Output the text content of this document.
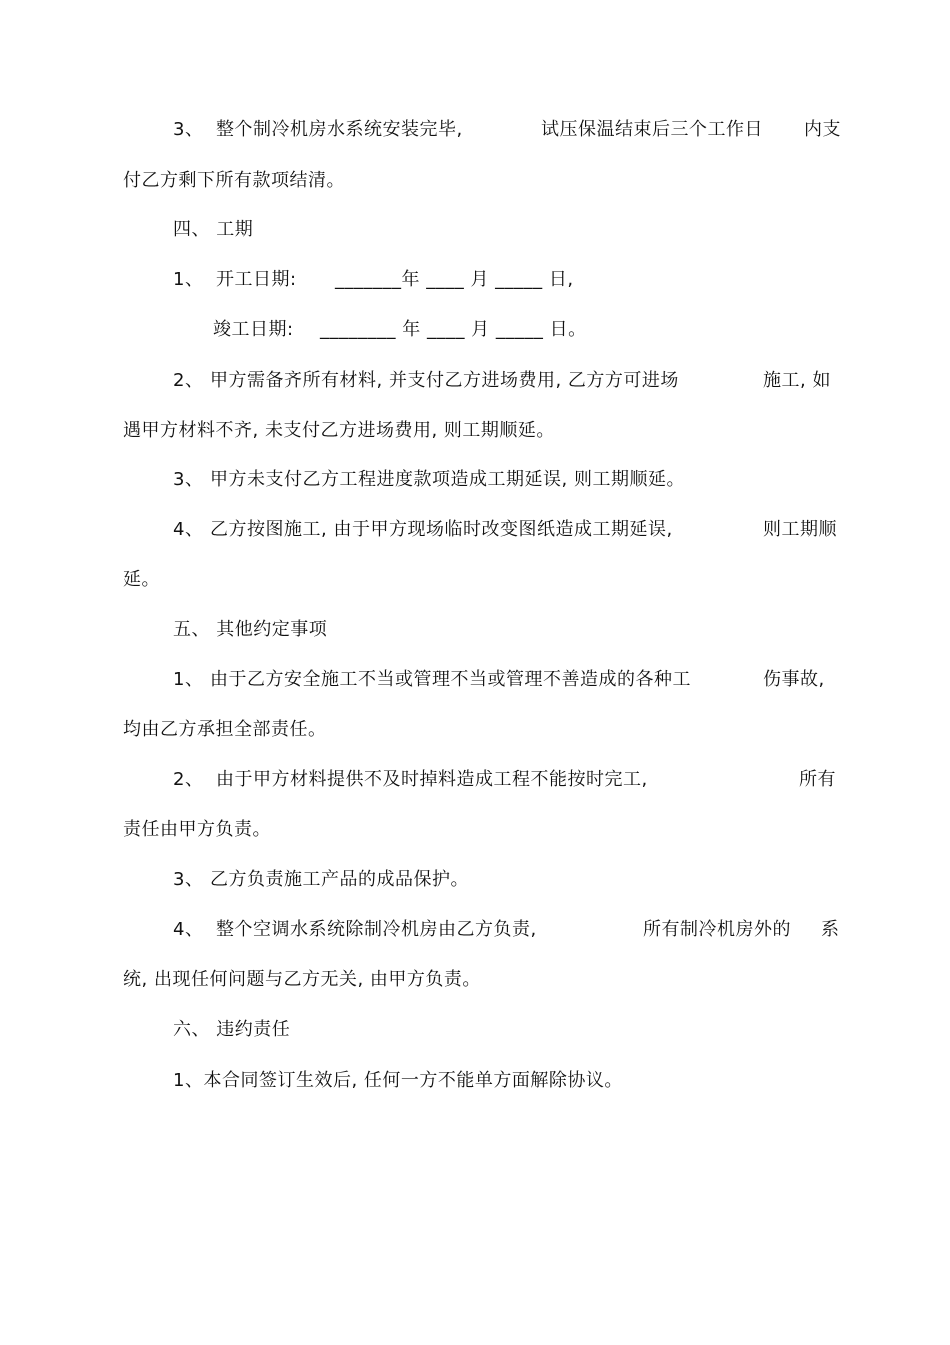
3、 整个制冷机房水系统安装完毕,	试压保温结束后三个工作日 内支
付乙方剩下所有款项结清。
四、 工期
1、 开工日期: _______年 ____ 月 _____ 日,
竣工日期: ________ 年 ____ 月 _____ 日。
2、 甲方需备齐所有材料, 并支付乙方进场费用, 乙方方可进场	施工, 如
遇甲方材料不齐, 未支付乙方进场费用, 则工期顺延。
3、 甲方未支付乙方工程进度款项造成工期延误, 则工期顺延。
4、 乙方按图施工, 由于甲方现场临时改变图纸造成工期延误,	则工期顺
延。
五、 其他约定事项
1、 由于乙方安全施工不当或管理不当或管理不善造成的各种工	伤事故,
均由乙方承担全部责任。
2、 由于甲方材料提供不及时掉料造成工程不能按时完工,	所有
责任由甲方负责。
3、 乙方负责施工产品的成品保护。
4、 整个空调水系统除制冷机房由乙方负责,	所有制冷机房外的 系
统, 出现任何问题与乙方无关, 由甲方负责。
六、 违约责任
1、本合同签订生效后, 任何一方不能单方面解除协议。
